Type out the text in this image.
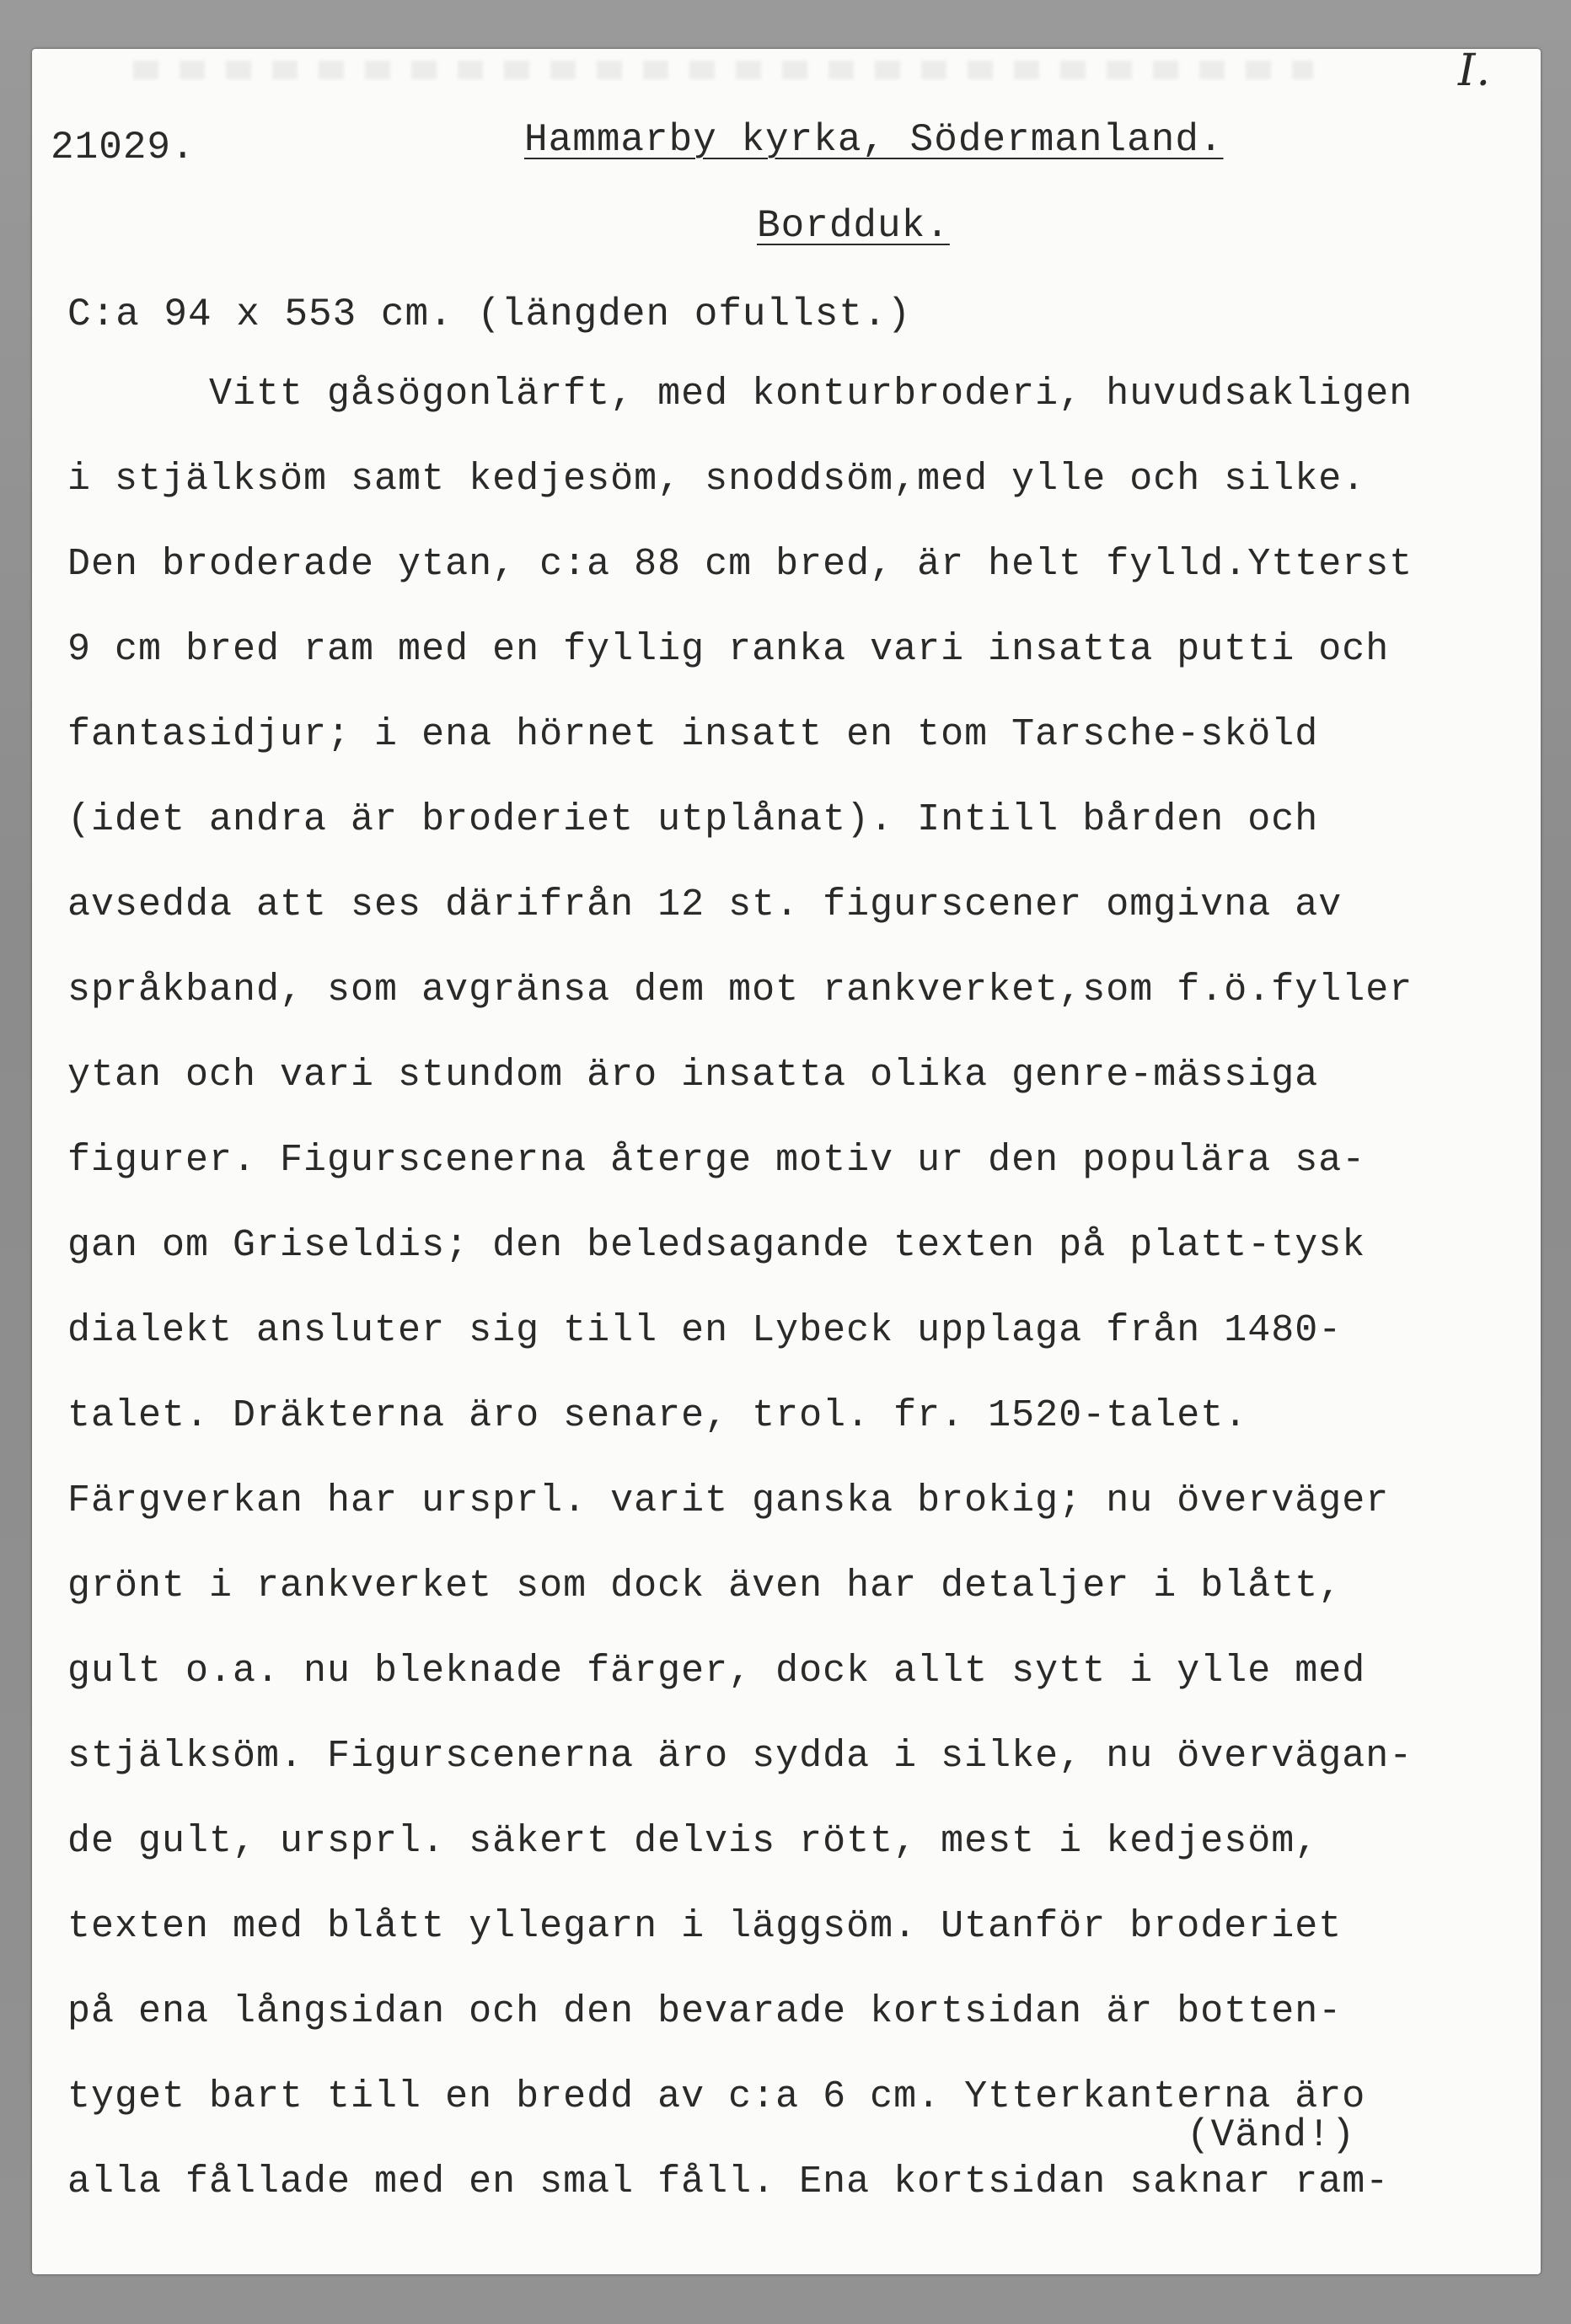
I.
21029.	Hammarby kyrka, Södermanland.
Bordduk.
C:a 94 x 553 cm. (längden ofullst.)
Vitt gåsögonlärft, med konturbroderi, huvudsakligen
i stjälksöm samt kedjesöm, snoddsöm,med ylle och silke.
Den broderade ytan, c:a 88 cm bred, är helt fylld.Ytterst
9 cm bred ram med en fyllig ranka vari insatta putti och
fantasidjur; i ena hörnet insatt en tom Tarsche-sköld
(idet andra är broderiet utplånat). Intill bården och
avsedda att ses därifrån 12 st. figurscener omgivna av
språkband, som avgränsa dem mot rankverket,som f.ö.fyller
ytan och vari stundom äro insatta olika genre-mässiga
figurer. Figurscenerna återge motiv ur den populära sa-
gan om Griseldis; den beledsagande texten på platt-tysk
dialekt ansluter sig till en Lybeck upplaga från 1480-
talet. Dräkterna äro senare, trol. fr. 1520-talet.
Färgverkan har ursprl. varit ganska brokig; nu överväger
grönt i rankverket som dock även har detaljer i blått,
gult o.a. nu bleknade färger, dock allt sytt i ylle med
stjälksöm. Figurscenerna äro sydda i silke, nu övervägan-
de gult, ursprl. säkert delvis rött, mest i kedjesöm,
texten med blått yllegarn i läggsöm. Utanför broderiet
på ena långsidan och den bevarade kortsidan är botten-
tyget bart till en bredd av c:a 6 cm. Ytterkanterna äro
alla fållade med en smal fåll. Ena kortsidan saknar ram-
(Vänd!)
